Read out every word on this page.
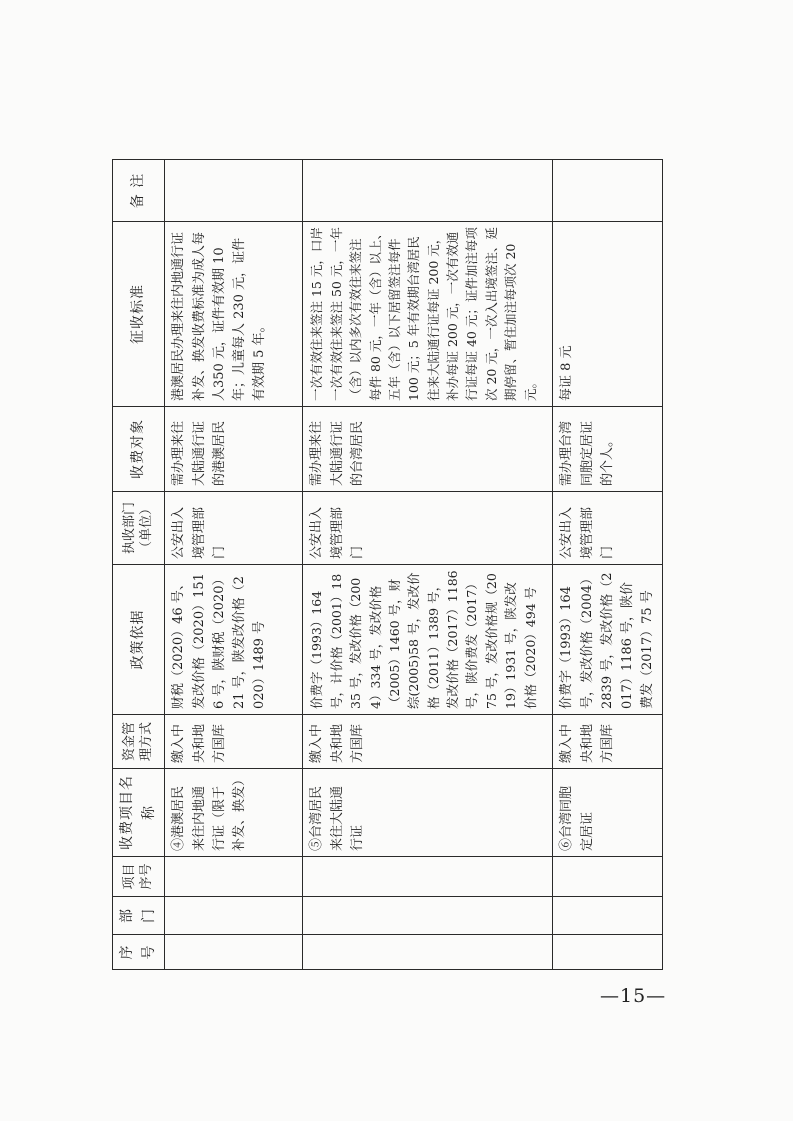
序号	部门	项目序号	收费项目名称	资金管理方式	政策依据	执收部门（单位）	收费对象	征收标准	备 注
			④港澳居民来往内地通行证（限于补发、换发）	缴入中央和地方国库	财税（2020）46 号、发改价格（2020）1516 号，陕财税（2020）21 号，陕发改价格（2020）1489 号	公安出入境管理部门	需办理来往大陆通行证的港澳居民	港澳居民办理来往内地通行证补发、换发收费标准为成人每人350 元，证件有效期 10 年；儿童每人 230 元，证件有效期 5 年。	
			⑤台湾居民来往大陆通行证	缴入中央和地方国库	价费字（1993）164 号，计价格（2001）1835 号，发改价格（2004）334 号，发改价格（2005）1460 号，财综(2005)58 号，发改价格（2011）1389 号，发改价格（2017）1186 号，陕价费发（2017）75 号，发改价格规（2019）1931 号，陕发改价格（2020）494 号	公安出入境管理部门	需办理来往大陆通行证的台湾居民	一次有效往来签注 15 元，口岸一次有效往来签注 50 元，一年（含）以内多次有效往来签注每件 80 元，一年（含）以上、五年（含）以下居留签注每件 100 元；5 年有效期台湾居民往来大陆通行证每证 200 元，补办每证 200 元，一次有效通行证每证 40 元；证件加注每项次 20 元，一次入出境签注、延期停留、暂住加注每项次 20 元。	
			⑥台湾同胞定居证	缴入中央和地方国库	价费字（1993）164 号，发改价格（2004）2839 号，发改价格（2017）1186 号，陕价费发（2017）75 号	公安出入境管理部门	需办理台湾同胞定居证的个人。	每证 8 元	
—15—
